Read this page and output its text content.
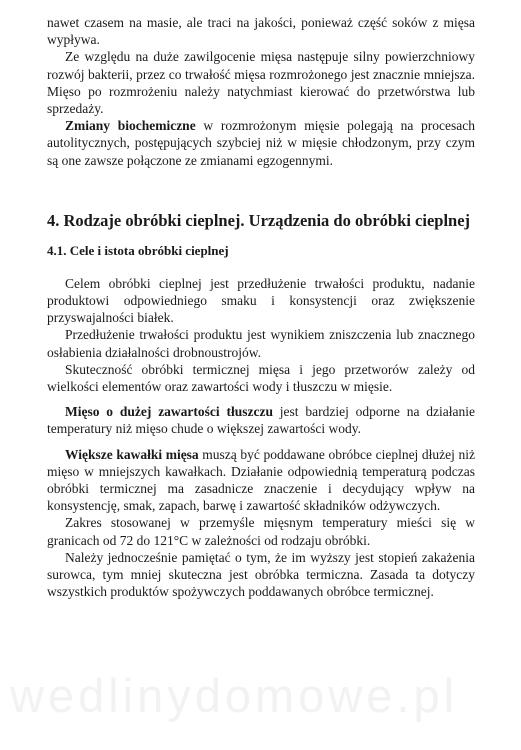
nawet czasem na masie, ale traci na jakości, ponieważ część soków z mięsa wypływa.

Ze względu na duże zawilgocenie mięsa następuje silny powierzchniowy rozwój bakterii, przez co trwałość mięsa rozmrożonego jest znacznie mniejsza. Mięso po rozmrożeniu należy natychmiast kierować do przetwórstwa lub sprzedaży.

Zmiany biochemiczne w rozmrożonym mięsie polegają na procesach autolitycznych, postępujących szybciej niż w mięsie chłodzonym, przy czym są one zawsze połączone ze zmianami egzogennymi.

4. Rodzaje obróbki cieplnej. Urządzenia do obróbki cieplnej
4.1. Cele i istota obróbki cieplnej

Celem obróbki cieplnej jest przedłużenie trwałości produktu, nadanie produktowi odpowiedniego smaku i konsystencji oraz zwiększenie przyswajalności białek.

Przedłużenie trwałości produktu jest wynikiem zniszczenia lub znacznego osłabienia działalności drobnoustrojów.

Skuteczność obróbki termicznej mięsa i jego przetworów zależy od wielkości elementów oraz zawartości wody i tłuszczu w mięsie.

Mięso o dużej zawartości tłuszczu jest bardziej odporne na działanie temperatury niż mięso chude o większej zawartości wody.

Większe kawałki mięsa muszą być poddawane obróbce cieplnej dłużej niż mięso w mniejszych kawałkach. Działanie odpowiednią temperaturą podczas obróbki termicznej ma zasadnicze znaczenie i decydujący wpływ na konsystencję, smak, zapach, barwę i zawartość składników odżywczych.

Zakres stosowanej w przemyśle mięsnym temperatury mieści się w granicach od 72 do 121°C w zależności od rodzaju obróbki.

Należy jednocześnie pamiętać o tym, że im wyższy jest stopień zakażenia surowca, tym mniej skuteczna jest obróbka termiczna. Zasada ta dotyczy wszystkich produktów spożywczych poddawanych obróbce termicznej.

wedlinydomowe.pl
